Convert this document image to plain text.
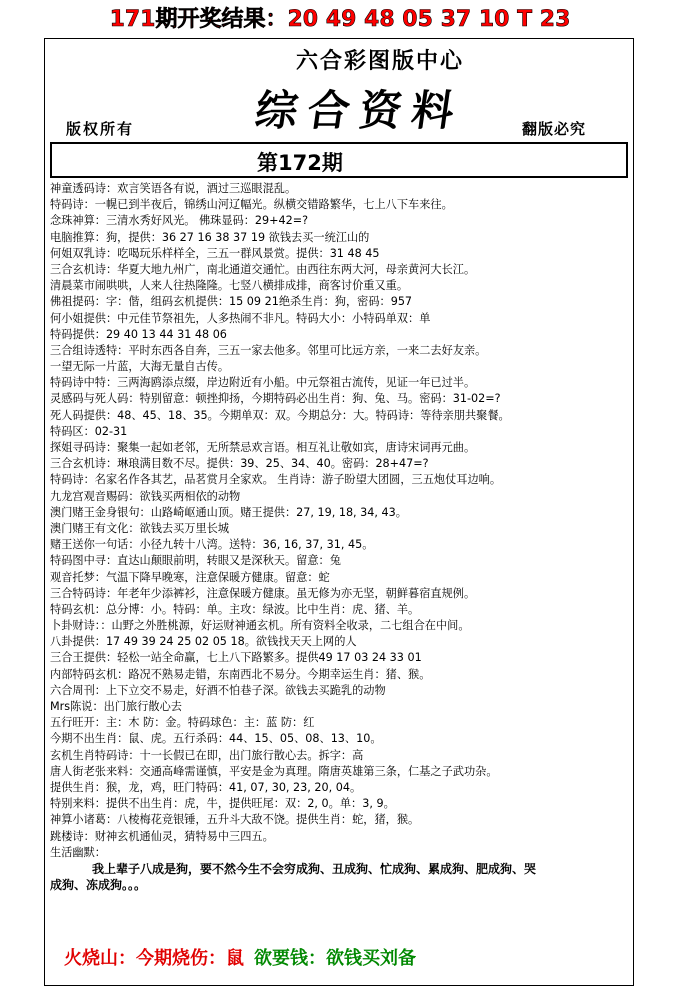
171期开奖结果：20 49 48 05 37 10 T 23
六合彩图版中心
综合资料
版权所有	翻版必究
第172期
神童透码诗：欢言笑语各有说，酒过三巡眼混乱。
特码诗：一幌已到半夜后，锦绣山河辽幅光。纵横交错路繁华，七上八下车来往。
念珠神算：三清水秀好风光。 佛珠显码：29+42=?
电脑推算：狗，提供：36 27 16 38 37 19 欲钱去买一统江山的
何姐双乳诗：吃喝玩乐样样全，三五一群风景赏。提供：31 48 45
三合玄机诗：华夏大地九州广，南北通道交通忙。由西往东两大河，母亲黄河大长江。
清晨菜市闹哄哄，人来人往热隆隆。七竖八横排成排，商客讨价重又重。
佛祖提码：字：偕，组码玄机提供：15 09 21绝杀生肖：狗，密码：957
何小姐提供：中元佳节祭祖先，人多热闹不非凡。特码大小：小特码单双：单
特码提供：29 40 13 44 31 48 06
三合组诗透特：平时东西各自奔，三五一家去他多。邻里可比远方亲，一来二去好友亲。
一望无际一片蓝，大海无量自古传。
特码诗中特：三两海鸥添点缀，岸边附近有小船。中元祭祖古流传，见证一年已过半。
灵感码与死人码：特别留意：顿挫抑扬，今期特码必出生肖：狗、兔、马。密码：31-02=?
死人码提供：48、45、18、35。今期单双：双。今期总分：大。特码诗：等待亲朋共聚餐。
特码区：02-31
探姐寻码诗：聚集一起如老邻，无所禁忌欢言语。相互礼让敬如宾，唐诗宋词再元曲。
三合玄机诗：琳琅满目数不尽。提供：39、25、34、40。密码：28+47=?
特码诗：名家名作各其艺，品茗赏月全家欢。 生肖诗：游子盼望大团圆，三五炮仗耳边响。
九龙宫观音赐码：欲钱买两相依的动物
澳门赌王金身银句：山路崎岖通山顶。赌王提供：27, 19, 18, 34, 43。
澳门赌王有文化：欲钱去买万里长城
赌王送你一句话：小径九转十八湾。送特：36, 16, 37, 31, 45。
特码图中寻：直达山颠眼前明，转眼又是深秋天。留意：兔
观音托梦：气温下降早晚寒，注意保暖方健康。留意：蛇
三合特码诗：年老年少添裤衫，注意保暖方健康。虽无修为亦无坚，朝鲜暮宿直规例。
特码玄机：总分博：小。特码：单。主攻：绿波。比中生肖：虎、猪、羊。
卜卦财诗：：山野之外胜桃源，好运财神通玄机。所有资料全收录，二七组合在中间。
八卦提供：17 49 39 24 25 02 05 18。欲钱找天天上网的人
三合王提供：轻松一站全命赢，七上八下路繁多。提供49 17 03 24 33 01
内部特码玄机：路况不熟易走错，东南西北不易分。今期幸运生肖：猪、猴。
六合周刊：上下立交不易走，好酒不怕巷子深。欲钱去买跪乳的动物
Mrs陈说：出门旅行散心去
五行旺开：主：木 防：金。特码球色：主：蓝 防：红
今期不出生肖：鼠、虎。五行杀码：44、15、05、08、13、10。
玄机生肖特码诗：十一长假已在即，出门旅行散心去。拆字：高
唐人街老张来料：交通高峰需谨慎，平安是金为真理。隋唐英雄第三条，仁基之子武功杂。
提供生肖：猴，龙，鸡，旺门特码：41, 07, 30, 23, 20, 04。
特别来料：提供不出生肖：虎，牛，提供旺尾：双：2, 0。单：3, 9。
神算小诸葛：八棱梅花竞银锤，五升斗大敌不饶。提供生肖：蛇，猪，猴。
跳楼诗：财神玄机通仙灵，猜特易中三四五。
生活幽默：
我上辈子八成是狗，要不然今生不会穷成狗、丑成狗、忙成狗、累成狗、肥成狗、哭
成狗、冻成狗。。。
火烧山：今期烧伤：鼠 欲要钱：欲钱买刘备
